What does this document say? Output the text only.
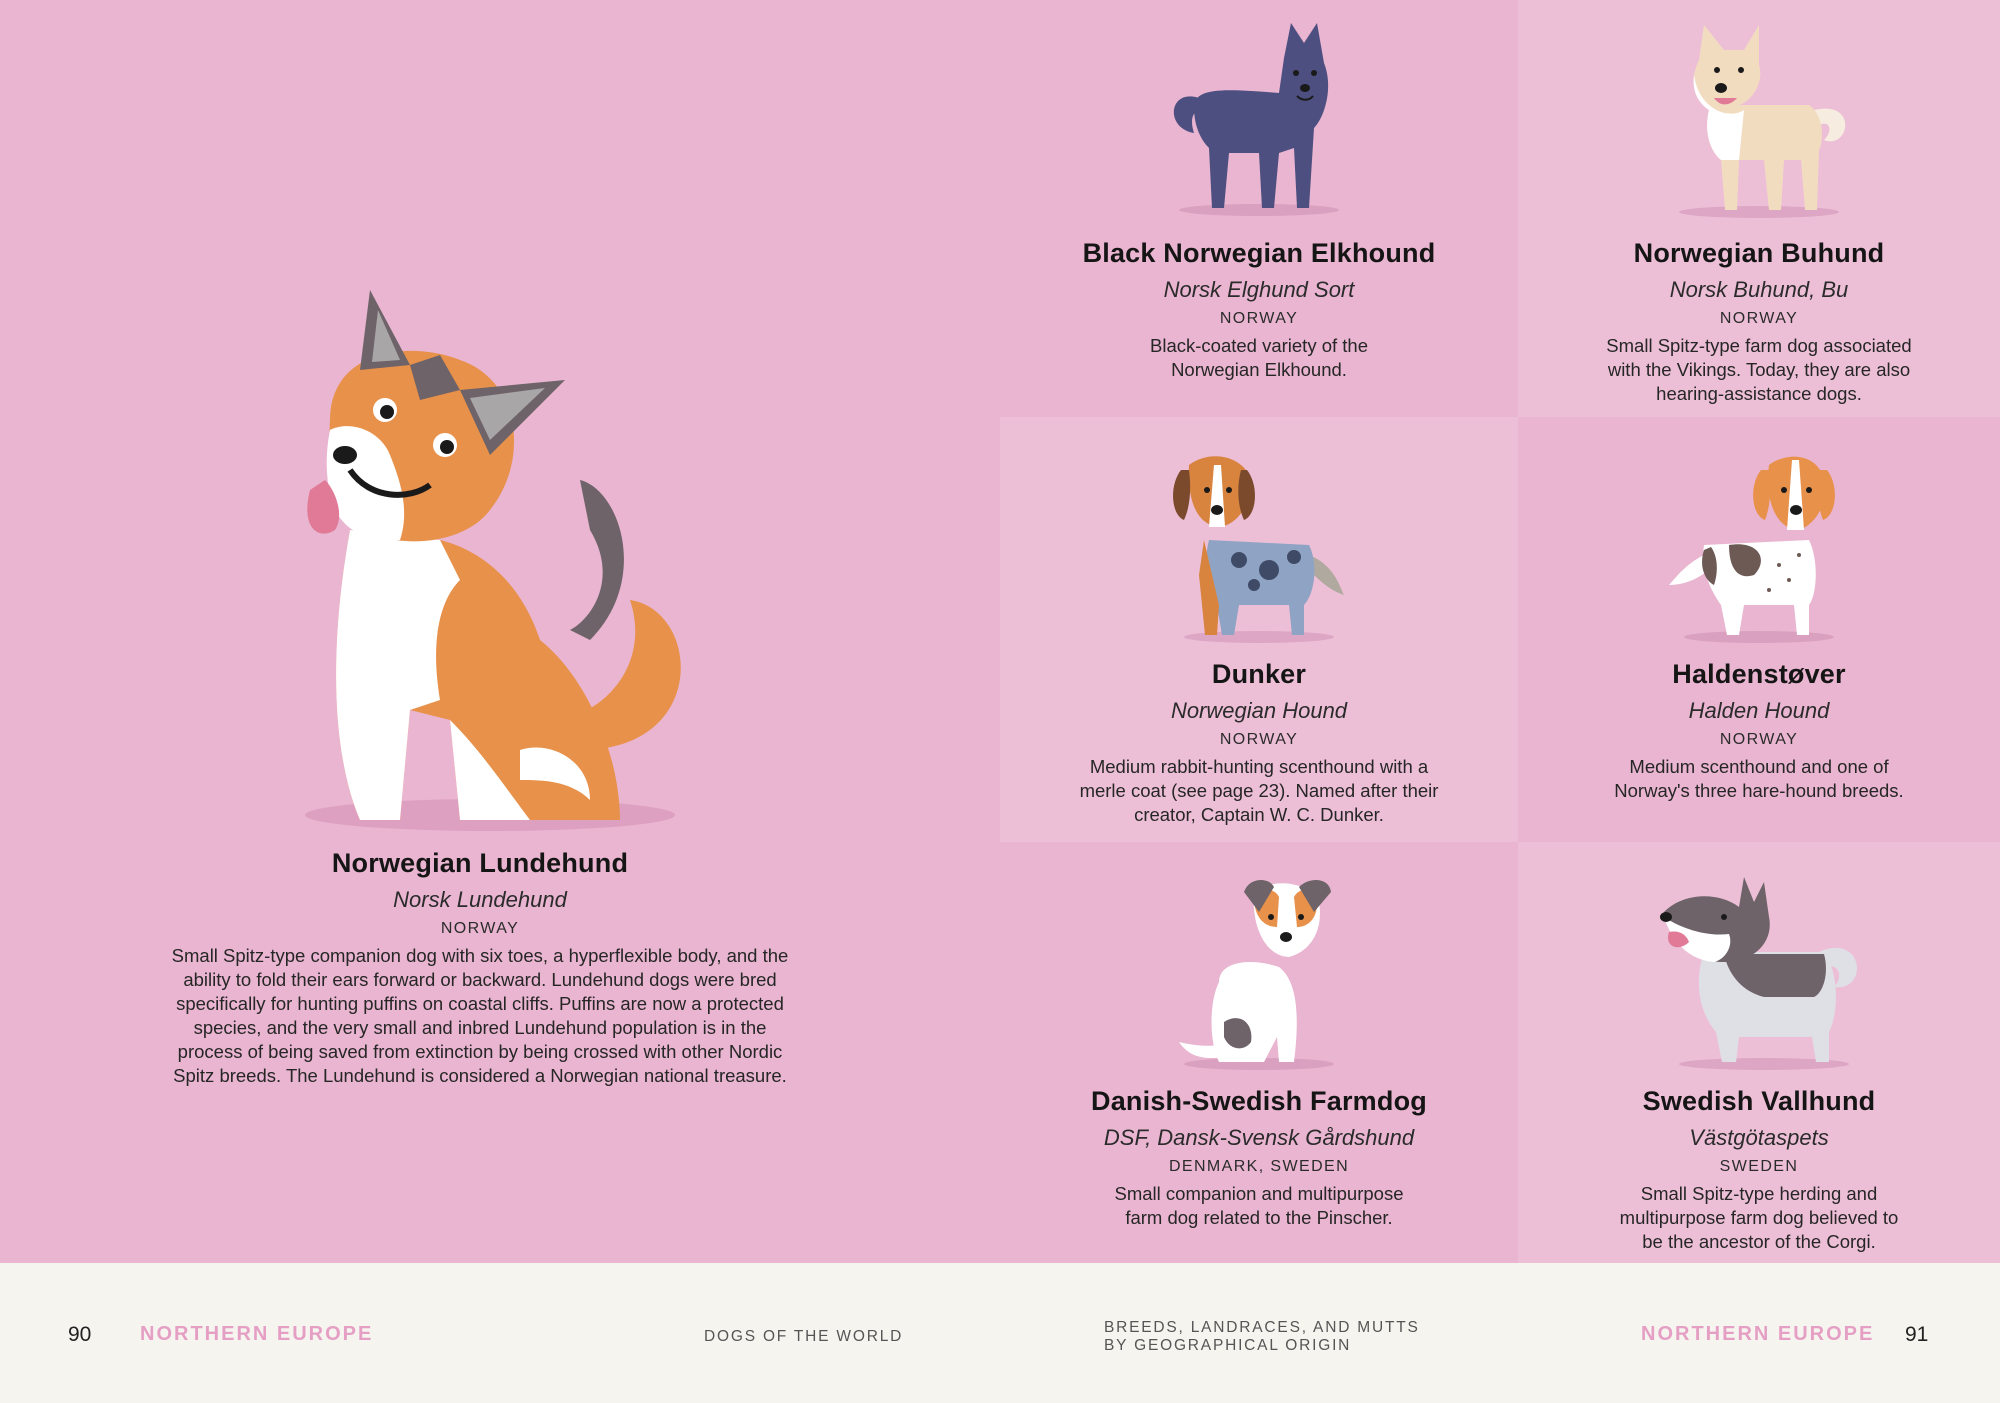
Norwegian Lundehund
Norsk Lundehund
NORWAY
Small Spitz-type companion dog with six toes, a hyperflexible body, and the ability to fold their ears forward or backward. Lundehund dogs were bred specifically for hunting puffins on coastal cliffs. Puffins are now a protected species, and the very small and inbred Lundehund population is in the process of being saved from extinction by being crossed with other Nordic Spitz breeds. The Lundehund is considered a Norwegian national treasure.
Black Norwegian Elkhound
Norsk Elghund Sort
NORWAY
Black-coated variety of the Norwegian Elkhound.
Norwegian Buhund
Norsk Buhund, Bu
NORWAY
Small Spitz-type farm dog associated with the Vikings. Today, they are also hearing-assistance dogs.
Dunker
Norwegian Hound
NORWAY
Medium rabbit-hunting scenthound with a merle coat (see page 23). Named after their creator, Captain W. C. Dunker.
Haldenstøver
Halden Hound
NORWAY
Medium scenthound and one of Norway's three hare-hound breeds.
Danish-Swedish Farmdog
DSF, Dansk-Svensk Gårdshund
DENMARK, SWEDEN
Small companion and multipurpose farm dog related to the Pinscher.
Swedish Vallhund
Västgötaspets
SWEDEN
Small Spitz-type herding and multipurpose farm dog believed to be the ancestor of the Corgi.
90 NORTHERN EUROPE	DOGS OF THE WORLD
BREEDS, LANDRACES, AND MUTTS
BY GEOGRAPHICAL ORIGIN
NORTHERN EUROPE 91
